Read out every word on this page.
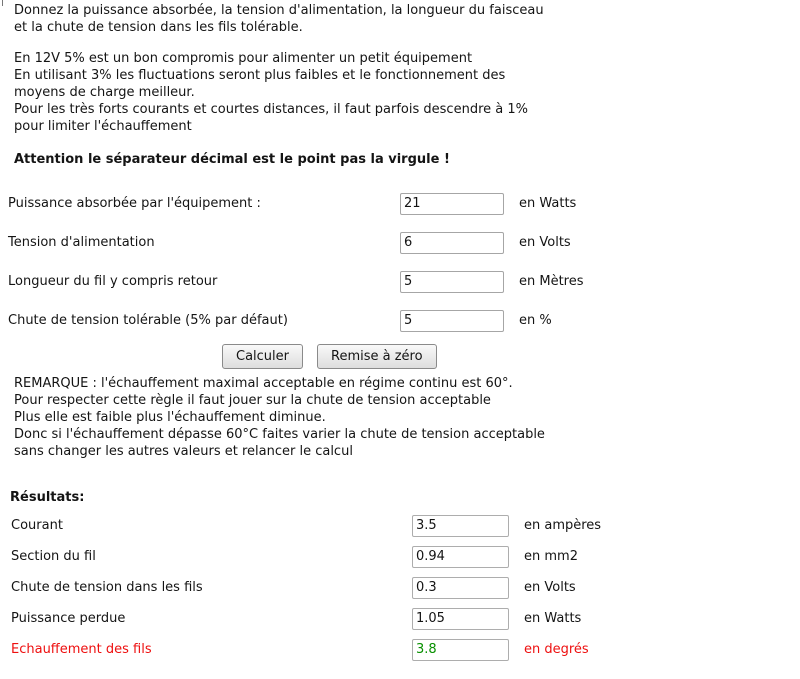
Donnez la puissance absorbée, la tension d'alimentation, la longueur du faisceau
et la chute de tension dans les fils tolérable.
En 12V 5% est un bon compromis pour alimenter un petit équipement
En utilisant 3% les fluctuations seront plus faibles et le fonctionnement des
moyens de charge meilleur.
Pour les très forts courants et courtes distances, il faut parfois descendre à 1%
pour limiter l'échauffement
Attention le séparateur décimal est le point pas la virgule !
Puissance absorbée par l'équipement :
21	en Watts
Tension d'alimentation
6	en Volts
Longueur du fil y compris retour
5	en Mètres
Chute de tension tolérable (5% par défaut)
5	en %
Calculer	Remise à zéro
REMARQUE : l'échauffement maximal acceptable en régime continu est 60°.
Pour respecter cette règle il faut jouer sur la chute de tension acceptable
Plus elle est faible plus l'échauffement diminue.
Donc si l'échauffement dépasse 60°C faites varier la chute de tension acceptable
sans changer les autres valeurs et relancer le calcul
Résultats:
Courant
3.5	en ampères
Section du fil
0.94	en mm2
Chute de tension dans les fils
0.3	en Volts
Puissance perdue
1.05	en Watts
Echauffement des fils
3.8	en degrés
